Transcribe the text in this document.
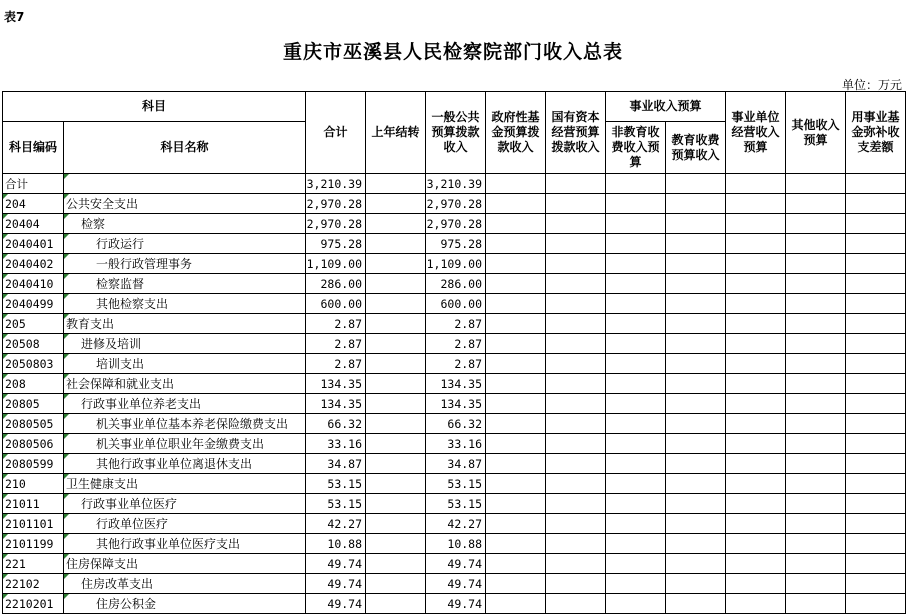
表7
重庆市巫溪县人民检察院部门收入总表
单位：万元
科目		合计	上年结转	一般公共预算拨款收入	政府性基金预算拨款收入	国有资本经营预算拨款收入	事业收入预算		事业单位经营收入预算	其他收入预算	用事业基金弥补收支差额
科目编码	科目名称						非教育收费收入预算	教育收费预算收入			
合计		3,210.39		3,210.39							
204	公共安全支出	2,970.28		2,970.28							
20404	检察	2,970.28		2,970.28							
2040401	行政运行	975.28		975.28							
2040402	一般行政管理事务	1,109.00		1,109.00							
2040410	检察监督	286.00		286.00							
2040499	其他检察支出	600.00		600.00							
205	教育支出	2.87		2.87							
20508	进修及培训	2.87		2.87							
2050803	培训支出	2.87		2.87							
208	社会保障和就业支出	134.35		134.35							
20805	行政事业单位养老支出	134.35		134.35							
2080505	机关事业单位基本养老保险缴费支出	66.32		66.32							
2080506	机关事业单位职业年金缴费支出	33.16		33.16							
2080599	其他行政事业单位离退休支出	34.87		34.87							
210	卫生健康支出	53.15		53.15							
21011	行政事业单位医疗	53.15		53.15							
2101101	行政单位医疗	42.27		42.27							
2101199	其他行政事业单位医疗支出	10.88		10.88							
221	住房保障支出	49.74		49.74							
22102	住房改革支出	49.74		49.74							
2210201	住房公积金	49.74		49.74							
